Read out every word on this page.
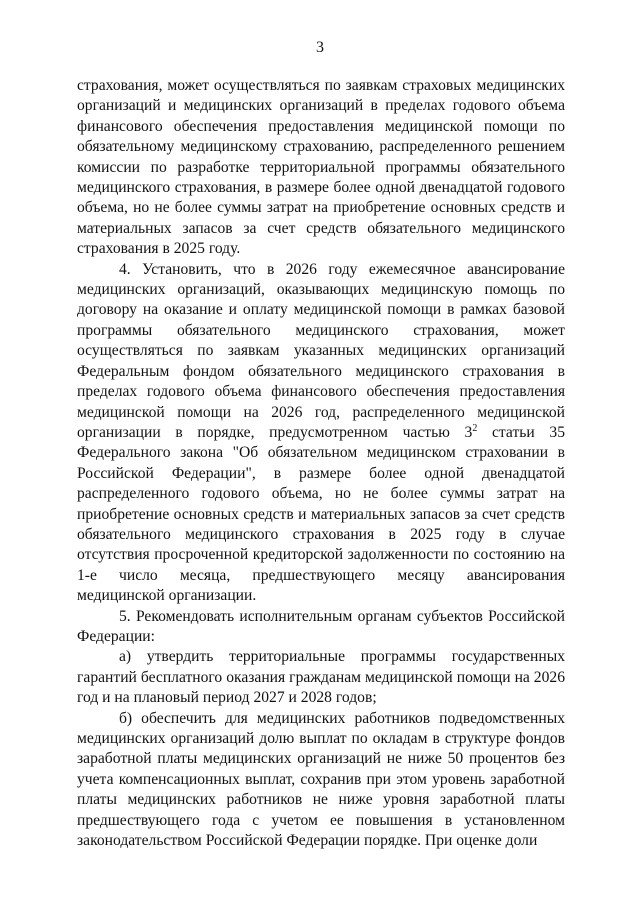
3

страхования, может осуществляться по заявкам страховых медицинских организаций и медицинских организаций в пределах годового объема финансового обеспечения предоставления медицинской помощи по обязательному медицинскому страхованию, распределенного решением комиссии по разработке территориальной программы обязательного медицинского страхования, в размере более одной двенадцатой годового объема, но не более суммы затрат на приобретение основных средств и материальных запасов за счет средств обязательного медицинского страхования в 2025 году.

4. Установить, что в 2026 году ежемесячное авансирование медицинских организаций, оказывающих медицинскую помощь по договору на оказание и оплату медицинской помощи в рамках базовой программы обязательного медицинского страхования, может осуществляться по заявкам указанных медицинских организаций Федеральным фондом обязательного медицинского страхования в пределах годового объема финансового обеспечения предоставления медицинской помощи на 2026 год, распределенного медицинской организации в порядке, предусмотренном частью $3^2$ статьи 35 Федерального закона "Об обязательном медицинском страховании в Российской Федерации", в размере более одной двенадцатой распределенного годового объема, но не более суммы затрат на приобретение основных средств и материальных запасов за счет средств обязательного медицинского страхования в 2025 году в случае отсутствия просроченной кредиторской задолженности по состоянию на 1-е число месяца, предшествующего месяцу авансирования медицинской организации.

5. Рекомендовать исполнительным органам субъектов Российской Федерации:

а) утвердить территориальные программы государственных гарантий бесплатного оказания гражданам медицинской помощи на 2026 год и на плановый период 2027 и 2028 годов;

б) обеспечить для медицинских работников подведомственных медицинских организаций долю выплат по окладам в структуре фондов заработной платы медицинских организаций не ниже 50 процентов без учета компенсационных выплат, сохранив при этом уровень заработной платы медицинских работников не ниже уровня заработной платы предшествующего года с учетом ее повышения в установленном законодательством Российской Федерации порядке. При оценке доли
